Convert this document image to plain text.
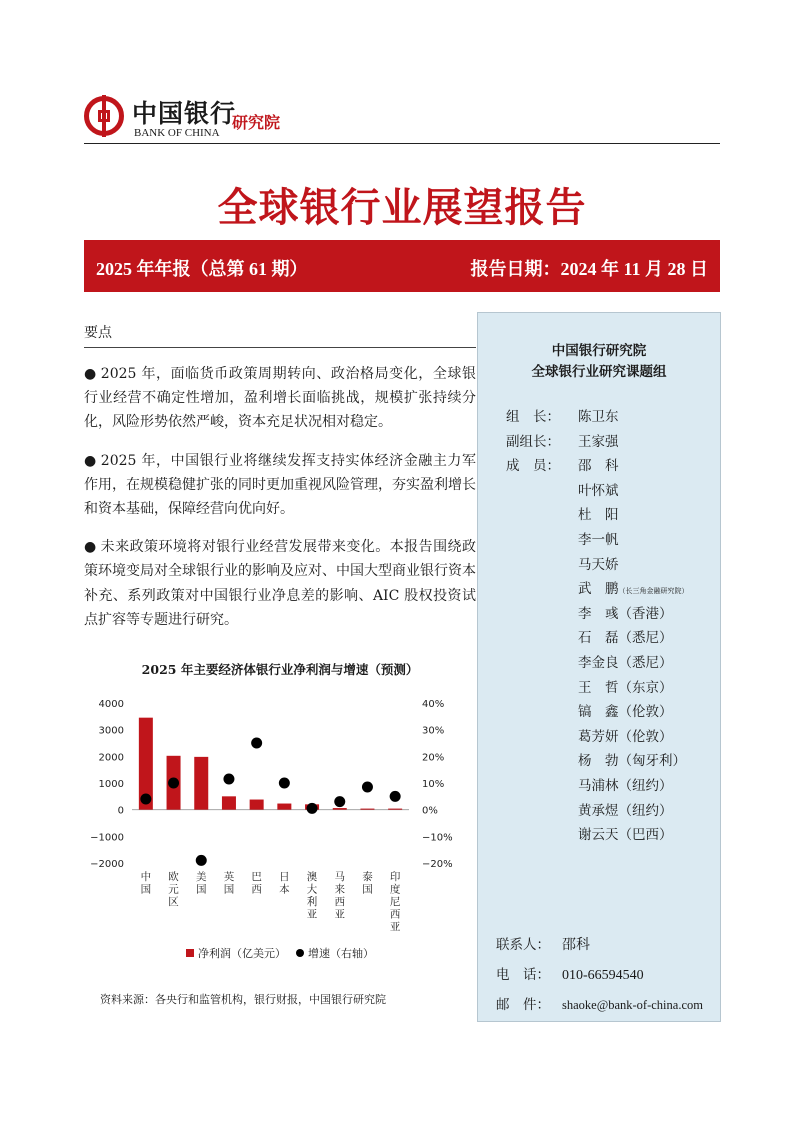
中国银行
BANK OF CHINA
研究院
全球银行业展望报告
2025 年年报（总第 61 期）	报告日期：2024 年 11 月 28 日
要点

● 2025 年，面临货币政策周期转向、政治格局变化，全球银行业经营不确定性增加，盈利增长面临挑战，规模扩张持续分化，风险形势依然严峻，资本充足状况相对稳定。

● 2025 年，中国银行业将继续发挥支持实体经济金融主力军作用，在规模稳健扩张的同时更加重视风险管理，夯实盈利增长和资本基础，保障经营向优向好。

● 未来政策环境将对银行业经营发展带来变化。本报告围绕政策环境变局对全球银行业的影响及应对、中国大型商业银行资本补充、系列政策对中国银行业净息差的影响、AIC 股权投资试点扩容等专题进行研究。

2025 年主要经济体银行业净利润与增速（预测）
4000
3000
2000
1000
0
−1000
−2000
40%
30%
20%
10%
0%
−10%
−20%
中国
欧元区
美国
英国
巴西
日本
澳大利亚
马来西亚
泰国
印度尼西亚
净利润（亿美元） 增速（右轴）
资料来源：各央行和监管机构，银行财报，中国银行研究院
中国银行研究院
全球银行业研究课题组
组　长： 陈卫东
副组长： 王家强
成　员： 邵　科
叶怀斌
杜　阳
李一帆
马天娇
武　鹏（长三角金融研究院）
李　彧（香港）
石　磊（悉尼）
李金良（悉尼）
王　哲（东京）
镐　鑫（伦敦）
葛芳妍（伦敦）
杨　勃（匈牙利）
马浦林（纽约）
黄承煜（纽约）
谢云天（巴西）
联系人： 邵科
电　话： 010-66594540
邮　件： shaoke@bank-of-china.com
